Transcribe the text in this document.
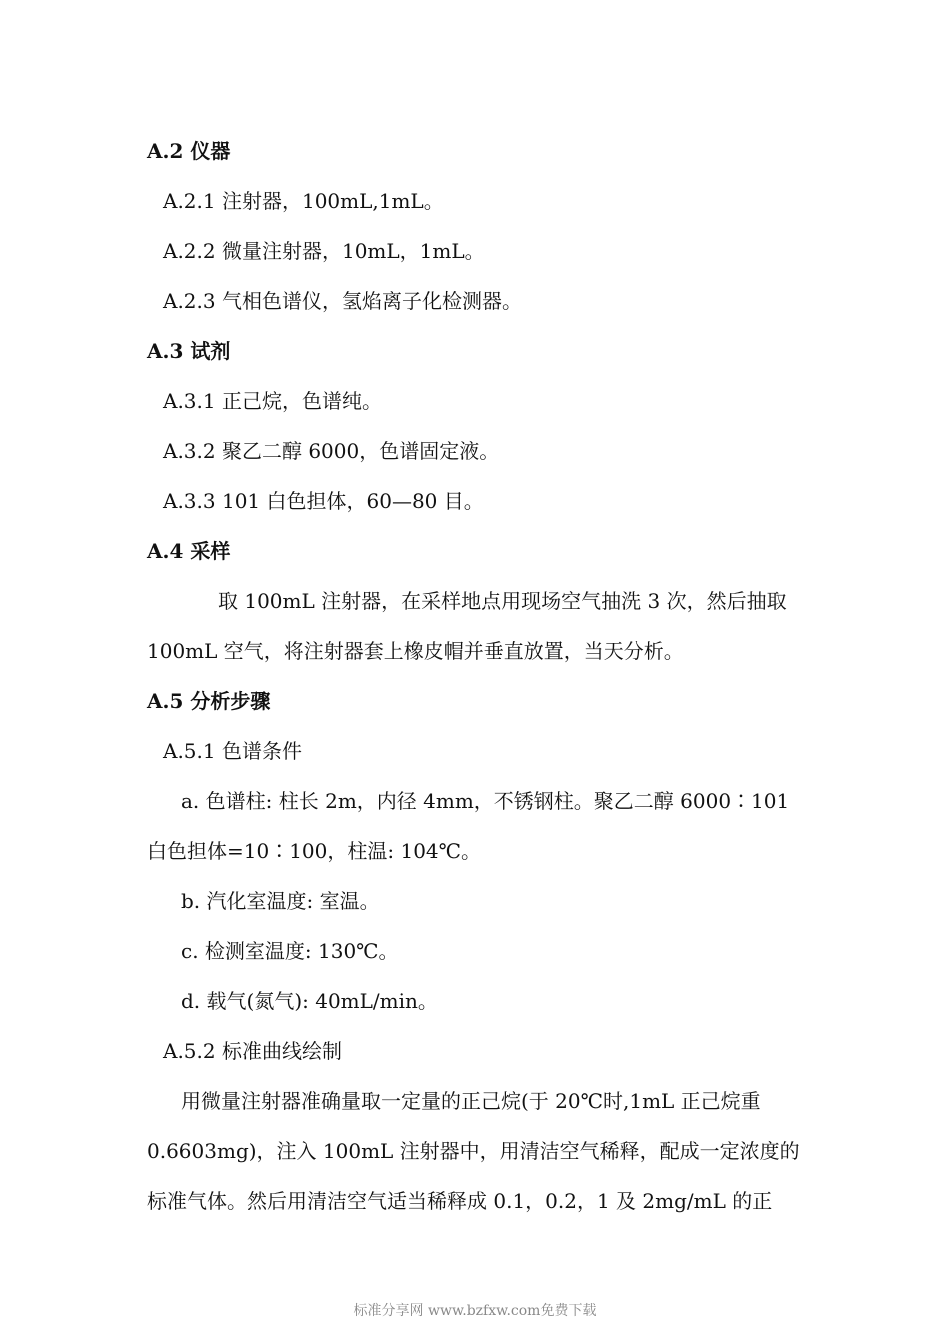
A.2 仪器
A.2.1 注射器，100mL,1mL。
A.2.2 微量注射器，10mL，1mL。
A.2.3 气相色谱仪，氢焰离子化检测器。
A.3 试剂
A.3.1 正己烷，色谱纯。
A.3.2 聚乙二醇 6000，色谱固定液。
A.3.3 101 白色担体，60—80 目。
A.4 采样
取 100mL 注射器，在采样地点用现场空气抽洗 3 次，然后抽取
100mL 空气，将注射器套上橡皮帽并垂直放置，当天分析。
A.5 分析步骤
A.5.1 色谱条件
a. 色谱柱: 柱长 2m，内径 4mm，不锈钢柱。聚乙二醇 6000∶101
白色担体=10∶100，柱温: 104℃。
b. 汽化室温度: 室温。
c. 检测室温度: 130℃。
d. 载气(氮气): 40mL/min。
A.5.2 标准曲线绘制
用微量注射器准确量取一定量的正己烷(于 20℃时,1mL 正己烷重
0.6603mg)，注入 100mL 注射器中，用清洁空气稀释，配成一定浓度的
标准气体。然后用清洁空气适当稀释成 0.1，0.2，1 及 2mg/mL 的正
标准分享网 www.bzfxw.com免费下载
